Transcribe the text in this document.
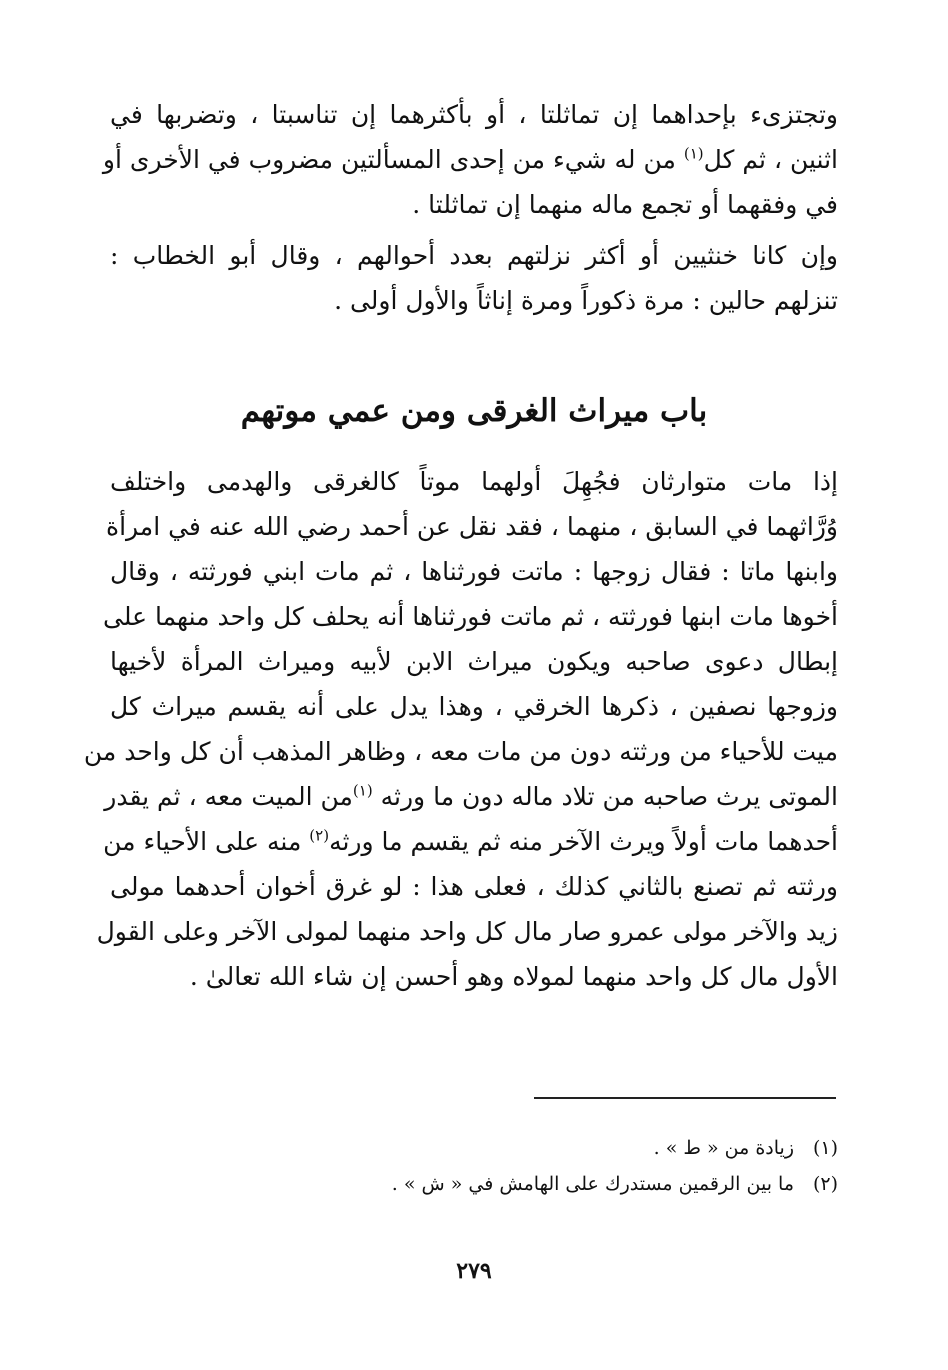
وتجتزىء بإحداهما إن تماثلتا ، أو بأكثرهما إن تناسبتا ، وتضربها في
اثنين ، ثم كل$^{(١)}$ من له شيء من إحدى المسألتين مضروب في الأخرى أو
في وفقهما أو تجمع ماله منهما إن تماثلتا .

وإن كانا خنثيين أو أكثر نزلتهم بعدد أحوالهم ، وقال أبو الخطاب :
تنزلهم حالين : مرة ذكوراً ومرة إناثاً والأول أولى .

باب ميراث الغرقى ومن عمي موتهم

إذا مات متوارثان فجُهِلَ أولهما موتاً كالغرقى والهدمى واختلف
وُرَّاثهما في السابق ، منهما ، فقد نقل عن أحمد رضي الله عنه في امرأة
وابنها ماتا : فقال زوجها : ماتت فورثناها ، ثم مات ابني فورثته ، وقال
أخوها مات ابنها فورثته ، ثم ماتت فورثناها أنه يحلف كل واحد منهما على
إبطال دعوى صاحبه ويكون ميراث الابن لأبيه وميراث المرأة لأخيها
وزوجها نصفين ، ذكرها الخرقي ، وهذا يدل على أنه يقسم ميراث كل
ميت للأحياء من ورثته دون من مات معه ، وظاهر المذهب أن كل واحد من
الموتى يرث صاحبه من تلاد ماله دون ما ورثه $^{(١)}$من الميت معه ، ثم يقدر
أحدهما مات أولاً ويرث الآخر منه ثم يقسم ما ورثه$^{(٢)}$ منه على الأحياء من
ورثته ثم تصنع بالثاني كذلك ، فعلى هذا : لو غرق أخوان أحدهما مولى
زيد والآخر مولى عمرو صار مال كل واحد منهما لمولى الآخر وعلى القول
الأول مال كل واحد منهما لمولاه وهو أحسن إن شاء الله تعالىٰ .

(١)زيادة من « ط » .
(٢)ما بين الرقمين مستدرك على الهامش في « ش » .
٢٧٩
